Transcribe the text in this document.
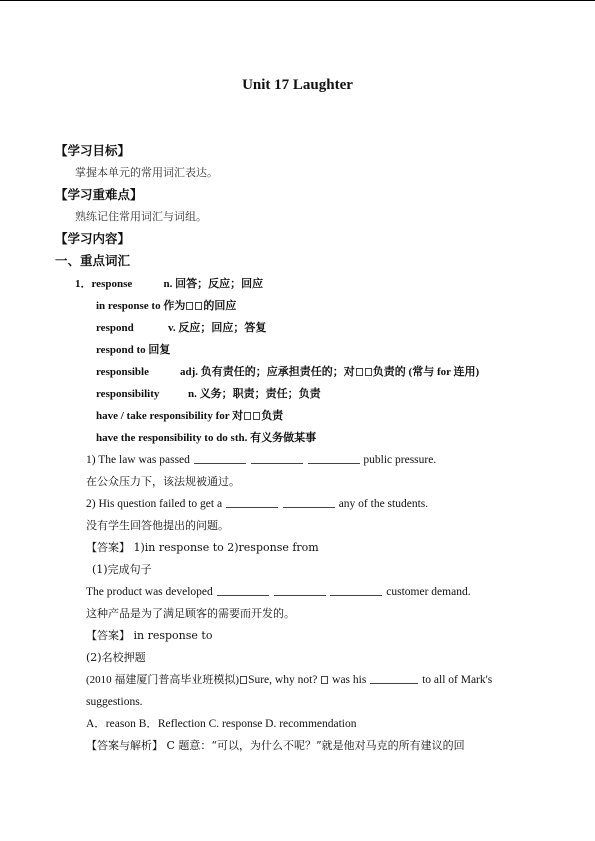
Unit 17 Laughter
【学习目标】
掌握本单元的常用词汇表达。
【学习重难点】
熟练记住常用词汇与词组。
【学习内容】
一、重点词汇
1．response	n. 回答；反应；回应
in response to 作为 的回应
respond	v. 反应；回应；答复
respond to 回复
responsible	adj. 负有责任的；应承担责任的；对 负责的 (常与 for 连用)
responsibility	n. 义务；职责；责任；负责
have / take responsibility for 对 负责
have the responsibility to do sth. 有义务做某事
1) The law was passed	public pressure.
在公众压力下，该法规被通过。
2) His question failed to get a	any of the students.
没有学生回答他提出的问题。
【答案】 1)in response to 2)response from
(1)完成句子
The product was developed	customer demand.
这种产品是为了满足顾客的需要而开发的。
【答案】 in response to
(2)名校押题
(2010 福建厦门普高毕业班模拟) Sure, why not? was his	to all of Mark's
suggestions.
A．reason B．Reflection C. response D. recommendation
【答案与解析】 C 题意：“可以，为什么不呢？”就是他对马克的所有建议的回
